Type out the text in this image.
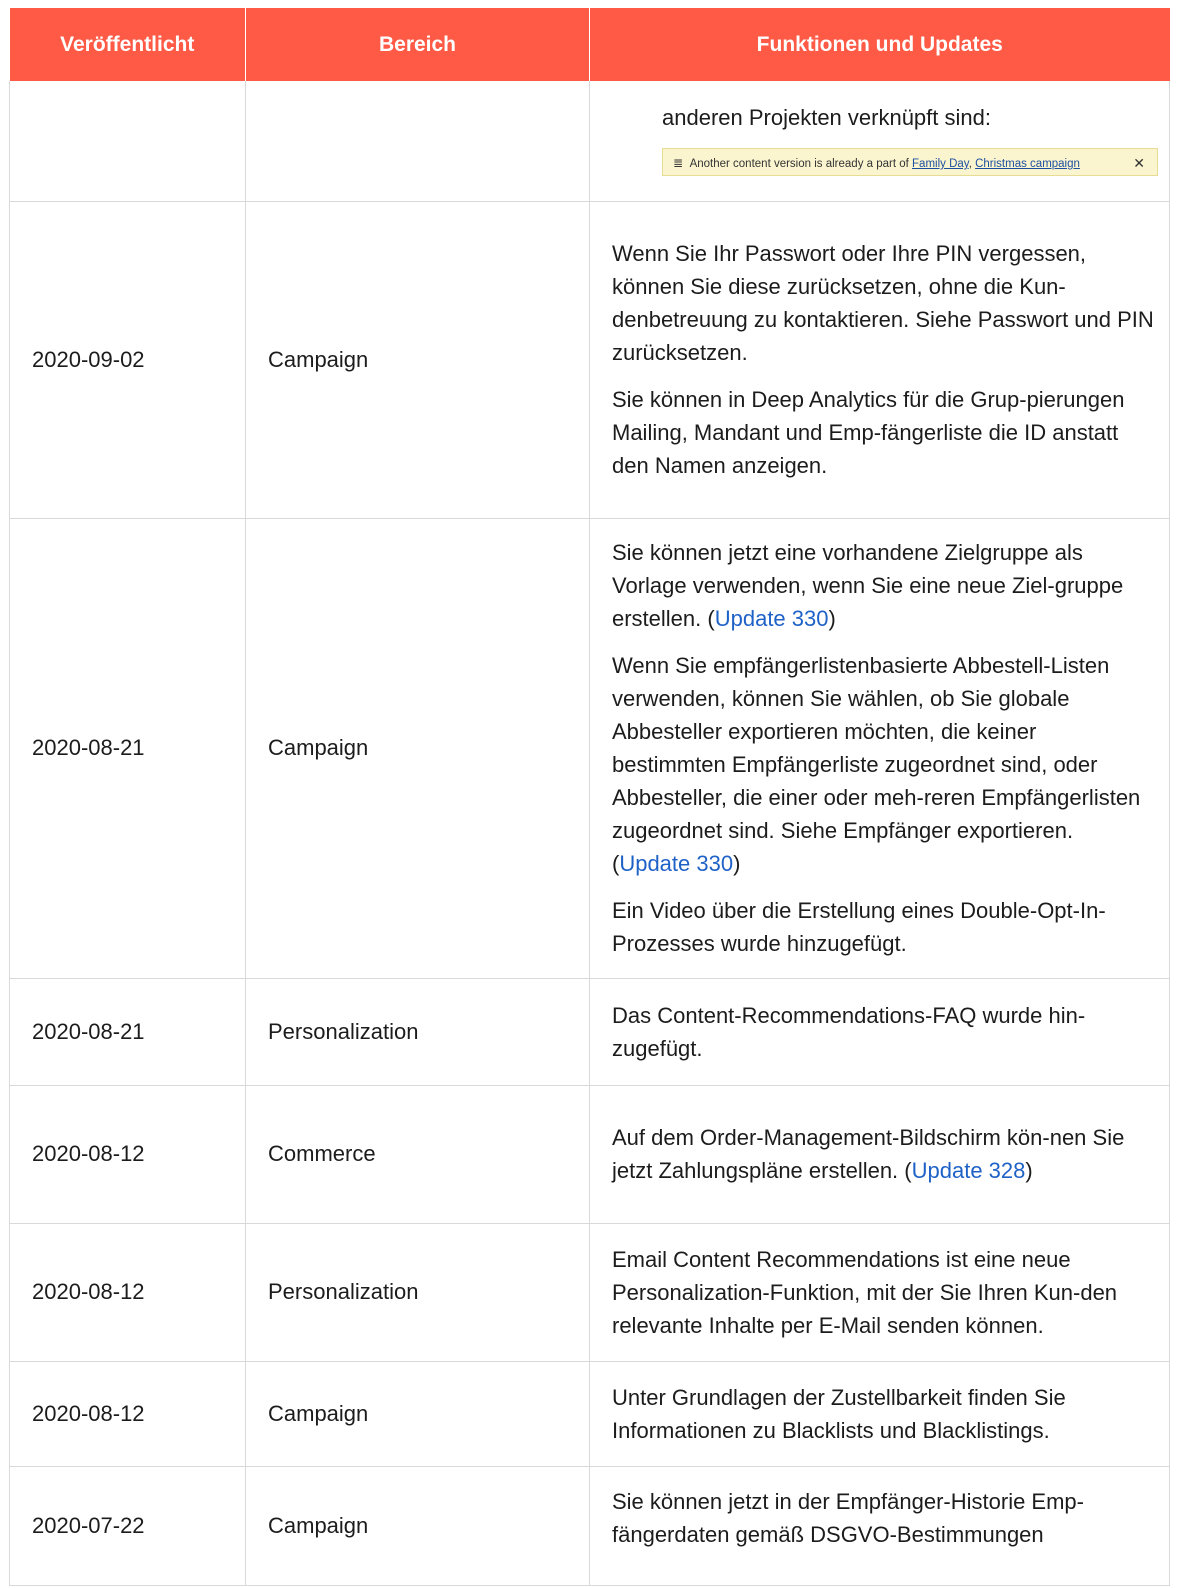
Veröffentlicht	Bereich	Funktionen und Updates

		anderen Projekten verknüpft sind:

≣ Another content version is already a part of Family Day, Christmas campaign ✕

2020-09-02	Campaign	Wenn Sie Ihr Passwort oder Ihre PIN vergessen, können Sie diese zurücksetzen, ohne die Kun-denbetreuung zu kontaktieren. Siehe Passwort und PIN zurücksetzen.

Sie können in Deep Analytics für die Grup-pierungen Mailing, Mandant und Emp-fängerliste die ID anstatt den Namen anzeigen.

2020-08-21	Campaign	Sie können jetzt eine vorhandene Zielgruppe als Vorlage verwenden, wenn Sie eine neue Ziel-gruppe erstellen. (Update 330)

Wenn Sie empfängerlistenbasierte Abbestell-Listen verwenden, können Sie wählen, ob Sie globale Abbesteller exportieren möchten, die keiner bestimmten Empfängerliste zugeordnet sind, oder Abbesteller, die einer oder meh-reren Empfängerlisten zugeordnet sind. Siehe Empfänger exportieren. (Update 330)

Ein Video über die Erstellung eines Double-Opt-In-Prozesses wurde hinzugefügt.

2020-08-21	Personalization	Das Content-Recommendations-FAQ wurde hin-zugefügt.

2020-08-12	Commerce	Auf dem Order-Management-Bildschirm kön-nen Sie jetzt Zahlungspläne erstellen. (Update 328)

2020-08-12	Personalization	Email Content Recommendations ist eine neue Personalization-Funktion, mit der Sie Ihren Kun-den relevante Inhalte per E-Mail senden können.

2020-08-12	Campaign	Unter Grundlagen der Zustellbarkeit finden Sie Informationen zu Blacklists und Blacklistings.

2020-07-22	Campaign	Sie können jetzt in der Empfänger-Historie Emp-fängerdaten gemäß DSGVO-Bestimmungen
